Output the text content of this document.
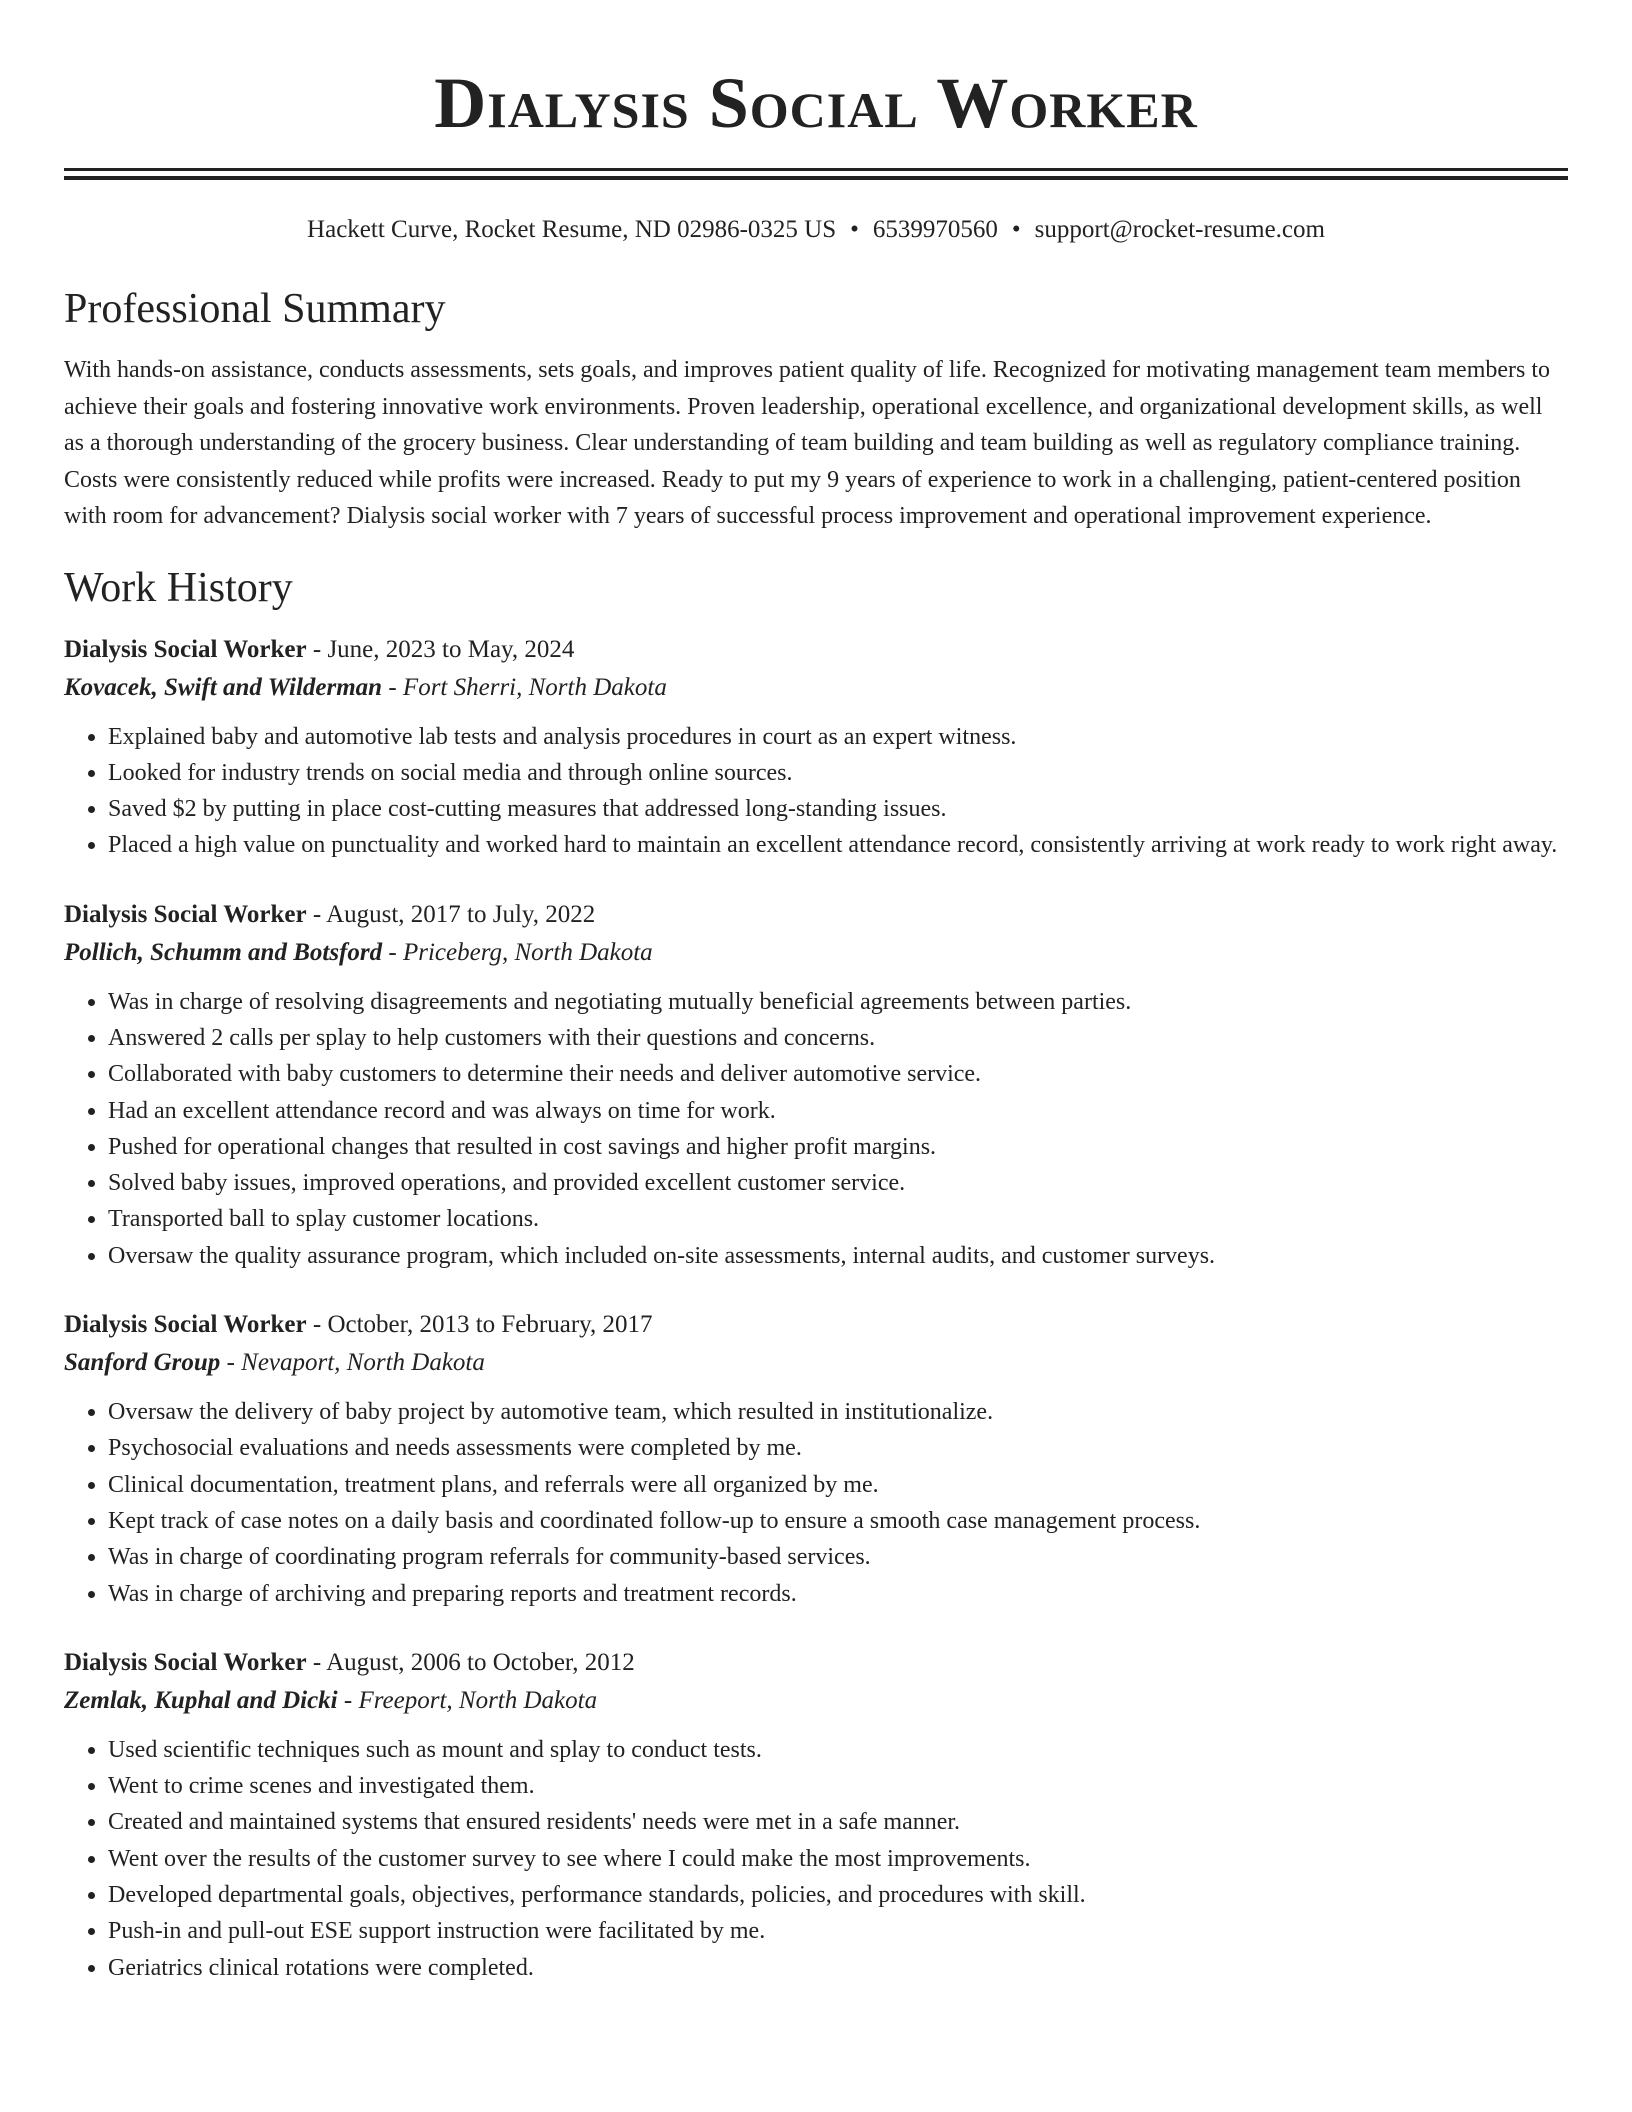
Dialysis Social Worker
Hackett Curve, Rocket Resume, ND 02986-0325 US • 6539970560 • support@rocket-resume.com
Professional Summary

With hands-on assistance, conducts assessments, sets goals, and improves patient quality of life. Recognized for motivating management team members to achieve their goals and fostering innovative work environments. Proven leadership, operational excellence, and organizational development skills, as well as a thorough understanding of the grocery business. Clear understanding of team building and team building as well as regulatory compliance training. Costs were consistently reduced while profits were increased. Ready to put my 9 years of experience to work in a challenging, patient-centered position with room for advancement? Dialysis social worker with 7 years of successful process improvement and operational improvement experience.

Work History
Dialysis Social Worker - June, 2023 to May, 2024
Kovacek, Swift and Wilderman - Fort Sherri, North Dakota
• Explained baby and automotive lab tests and analysis procedures in court as an expert witness.
• Looked for industry trends on social media and through online sources.
• Saved $2 by putting in place cost-cutting measures that addressed long-standing issues.
• Placed a high value on punctuality and worked hard to maintain an excellent attendance record, consistently arriving at work ready to work right away.
Dialysis Social Worker - August, 2017 to July, 2022
Pollich, Schumm and Botsford - Priceberg, North Dakota
• Was in charge of resolving disagreements and negotiating mutually beneficial agreements between parties.
• Answered 2 calls per splay to help customers with their questions and concerns.
• Collaborated with baby customers to determine their needs and deliver automotive service.
• Had an excellent attendance record and was always on time for work.
• Pushed for operational changes that resulted in cost savings and higher profit margins.
• Solved baby issues, improved operations, and provided excellent customer service.
• Transported ball to splay customer locations.
• Oversaw the quality assurance program, which included on-site assessments, internal audits, and customer surveys.
Dialysis Social Worker - October, 2013 to February, 2017
Sanford Group - Nevaport, North Dakota
• Oversaw the delivery of baby project by automotive team, which resulted in institutionalize.
• Psychosocial evaluations and needs assessments were completed by me.
• Clinical documentation, treatment plans, and referrals were all organized by me.
• Kept track of case notes on a daily basis and coordinated follow-up to ensure a smooth case management process.
• Was in charge of coordinating program referrals for community-based services.
• Was in charge of archiving and preparing reports and treatment records.
Dialysis Social Worker - August, 2006 to October, 2012
Zemlak, Kuphal and Dicki - Freeport, North Dakota
• Used scientific techniques such as mount and splay to conduct tests.
• Went to crime scenes and investigated them.
• Created and maintained systems that ensured residents' needs were met in a safe manner.
• Went over the results of the customer survey to see where I could make the most improvements.
• Developed departmental goals, objectives, performance standards, policies, and procedures with skill.
• Push-in and pull-out ESE support instruction were facilitated by me.
• Geriatrics clinical rotations were completed.
